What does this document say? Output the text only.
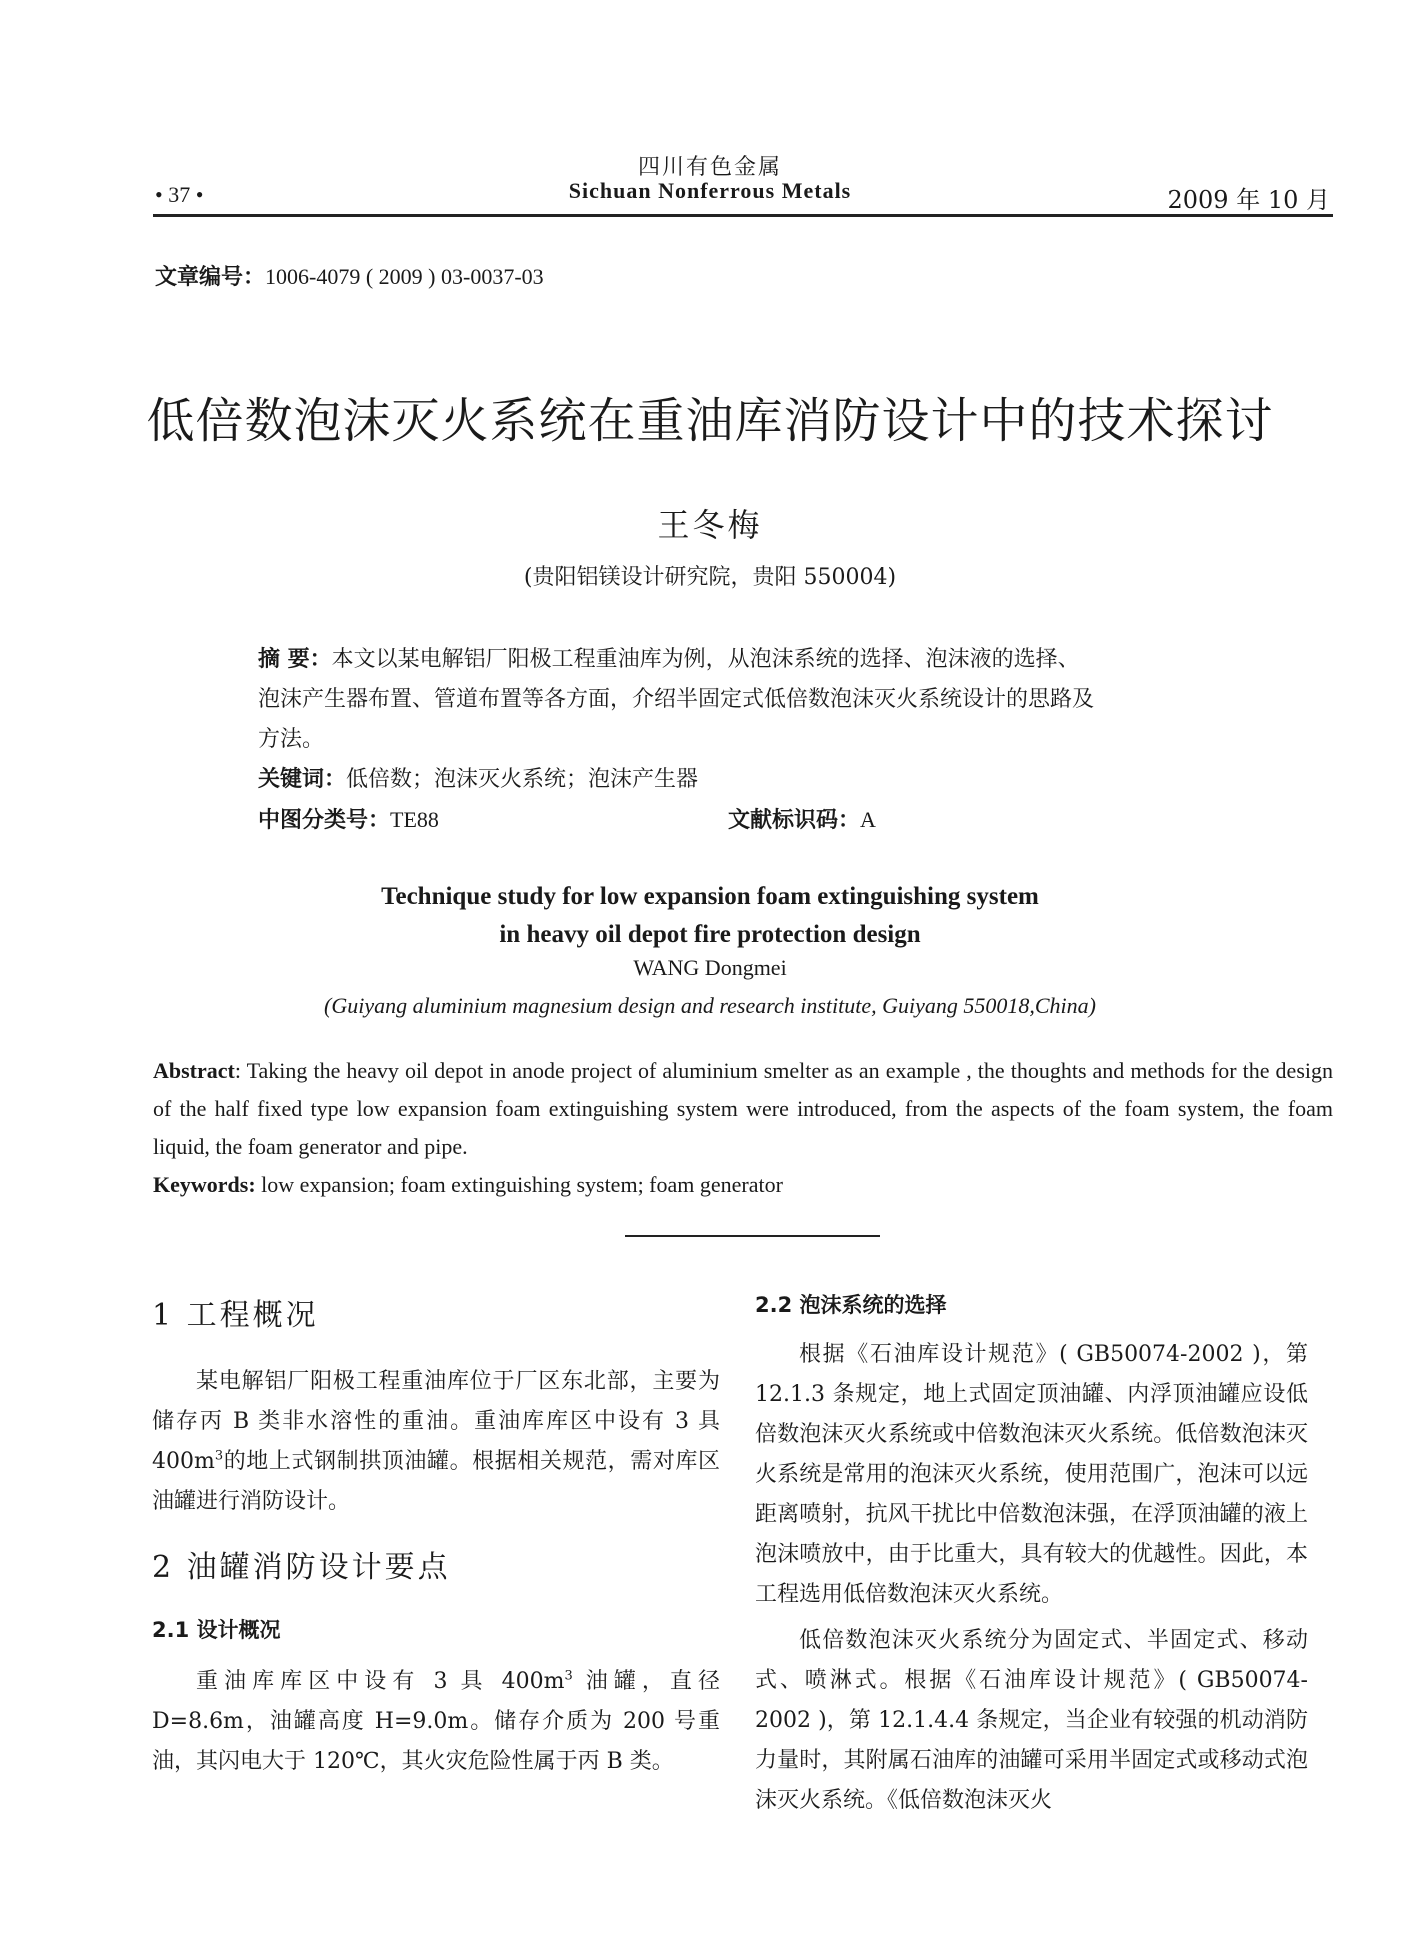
四川有色金属
Sichuan Nonferrous Metals
• 37 •	2009 年 10 月
文章编号：1006-4079 ( 2009 ) 03-0037-03
低倍数泡沫灭火系统在重油库消防设计中的技术探讨
王冬梅
(贵阳铝镁设计研究院，贵阳 550004)
摘 要：本文以某电解铝厂阳极工程重油库为例，从泡沫系统的选择、泡沫液的选择、
泡沫产生器布置、管道布置等各方面，介绍半固定式低倍数泡沫灭火系统设计的思路及
方法。
关键词：低倍数；泡沫灭火系统；泡沫产生器
中图分类号：TE88	文献标识码：A
Technique study for low expansion foam extinguishing system
in heavy oil depot fire protection design
WANG Dongmei
(Guiyang aluminium magnesium design and research institute, Guiyang 550018,China)

Abstract: Taking the heavy oil depot in anode project of aluminium smelter as an example , the thoughts and methods for the design of the half fixed type low expansion foam extinguishing system were introduced, from the aspects of the foam system, the foam liquid, the foam generator and pipe.

Keywords: low expansion; foam extinguishing system; foam generator

1 工程概况

某电解铝厂阳极工程重油库位于厂区东北部，主要为储存丙 B 类非水溶性的重油。重油库库区中设有 3 具 $400m^3$的地上式钢制拱顶油罐。根据相关规范，需对库区油罐进行消防设计。

2 油罐消防设计要点

2.1 设计概况

重油库库区中设有 3 具 $400m^3$ 油罐，直径 D=8.6m，油罐高度 H=9.0m。储存介质为 200 号重油，其闪电大于 120℃，其火灾危险性属于丙 B 类。

2.2 泡沫系统的选择

根据《石油库设计规范》( GB50074-2002 )，第 12.1.3 条规定，地上式固定顶油罐、内浮顶油罐应设低倍数泡沫灭火系统或中倍数泡沫灭火系统。低倍数泡沫灭火系统是常用的泡沫灭火系统，使用范围广，泡沫可以远距离喷射，抗风干扰比中倍数泡沫强，在浮顶油罐的液上泡沫喷放中，由于比重大，具有较大的优越性。因此，本工程选用低倍数泡沫灭火系统。

低倍数泡沫灭火系统分为固定式、半固定式、移动式、喷淋式。根据《石油库设计规范》( GB50074-2002 )，第 12.1.4.4 条规定，当企业有较强的机动消防力量时，其附属石油库的油罐可采用半固定式或移动式泡沫灭火系统。《低倍数泡沫灭火
